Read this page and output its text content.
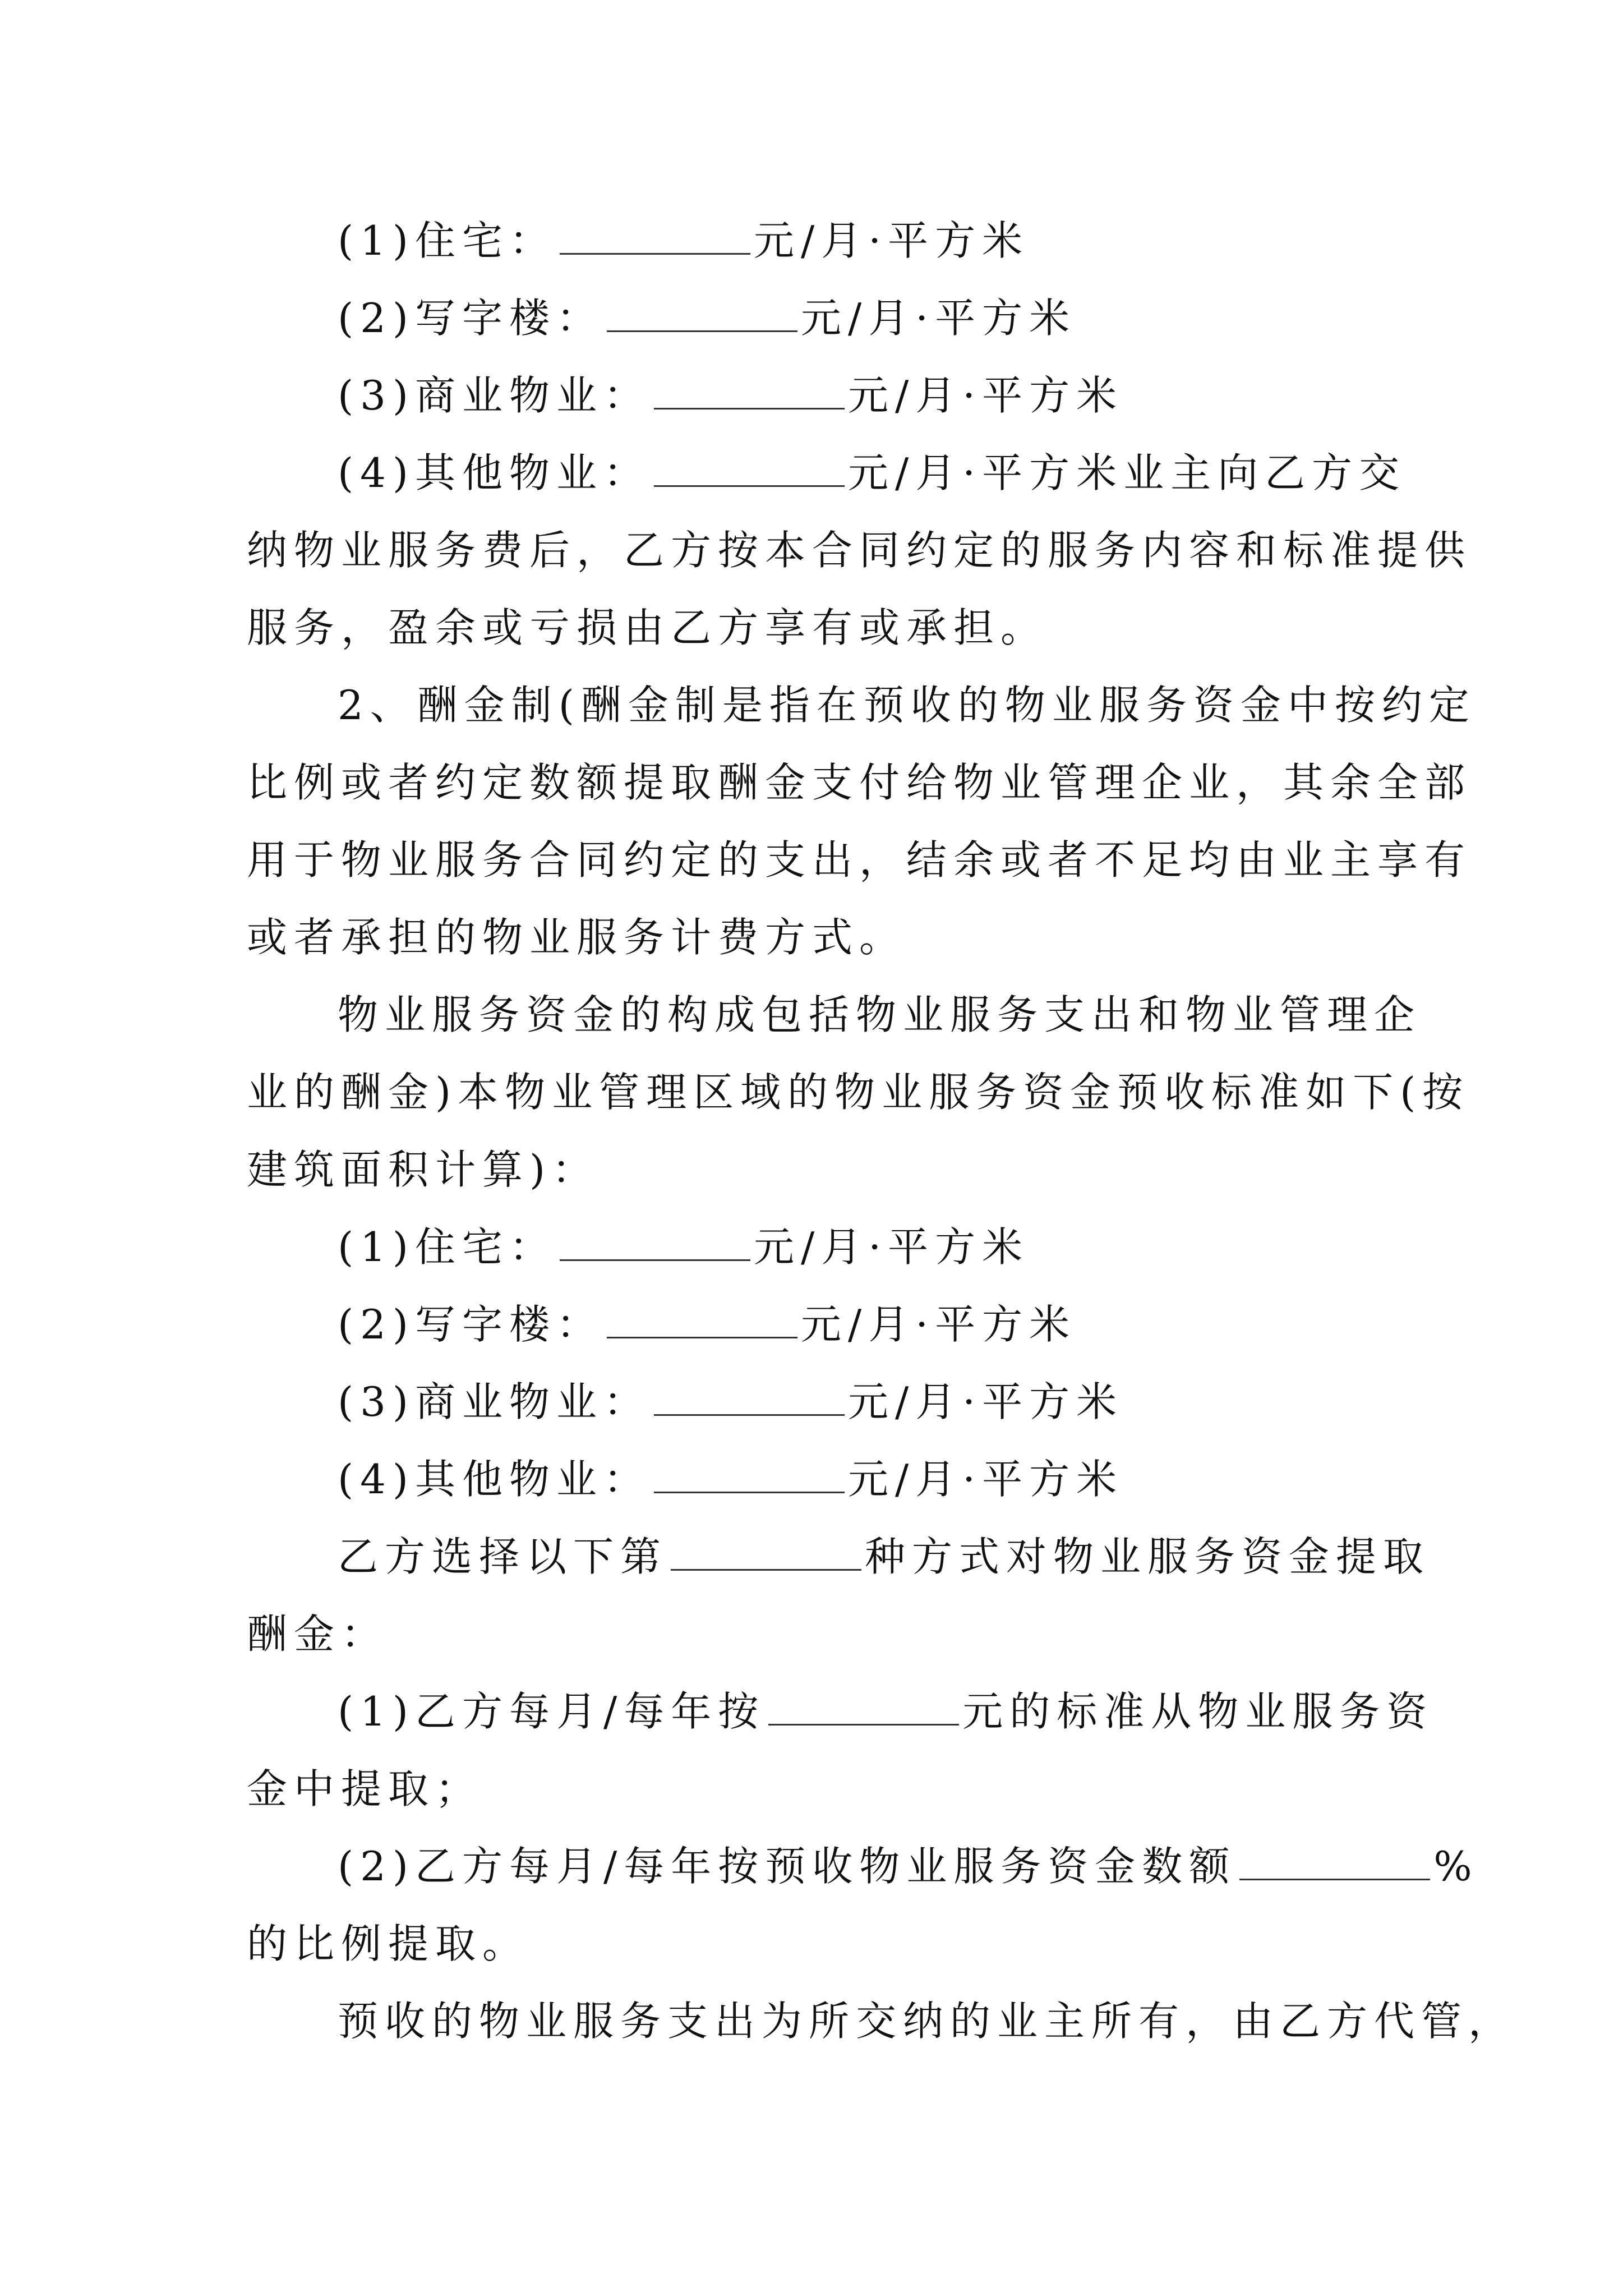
(1)住宅：	元/月·平方米
(2)写字楼：	元/月·平方米
(3)商业物业：	元/月·平方米
(4)其他物业：	元/月·平方米业主向乙方交
纳物业服务费后，乙方按本合同约定的服务内容和标准提供
服务，盈余或亏损由乙方享有或承担。
2、酬金制(酬金制是指在预收的物业服务资金中按约定
比例或者约定数额提取酬金支付给物业管理企业，其余全部
用于物业服务合同约定的支出，结余或者不足均由业主享有
或者承担的物业服务计费方式。
物业服务资金的构成包括物业服务支出和物业管理企
业的酬金)本物业管理区域的物业服务资金预收标准如下(按
建筑面积计算)：
(1)住宅：	元/月·平方米
(2)写字楼：	元/月·平方米
(3)商业物业：	元/月·平方米
(4)其他物业：	元/月·平方米
乙方选择以下第	种方式对物业服务资金提取
酬金：
(1)乙方每月/每年按	元的标准从物业服务资
金中提取；
(2)乙方每月/每年按预收物业服务资金数额	%
的比例提取。
预收的物业服务支出为所交纳的业主所有，由乙方代管，
